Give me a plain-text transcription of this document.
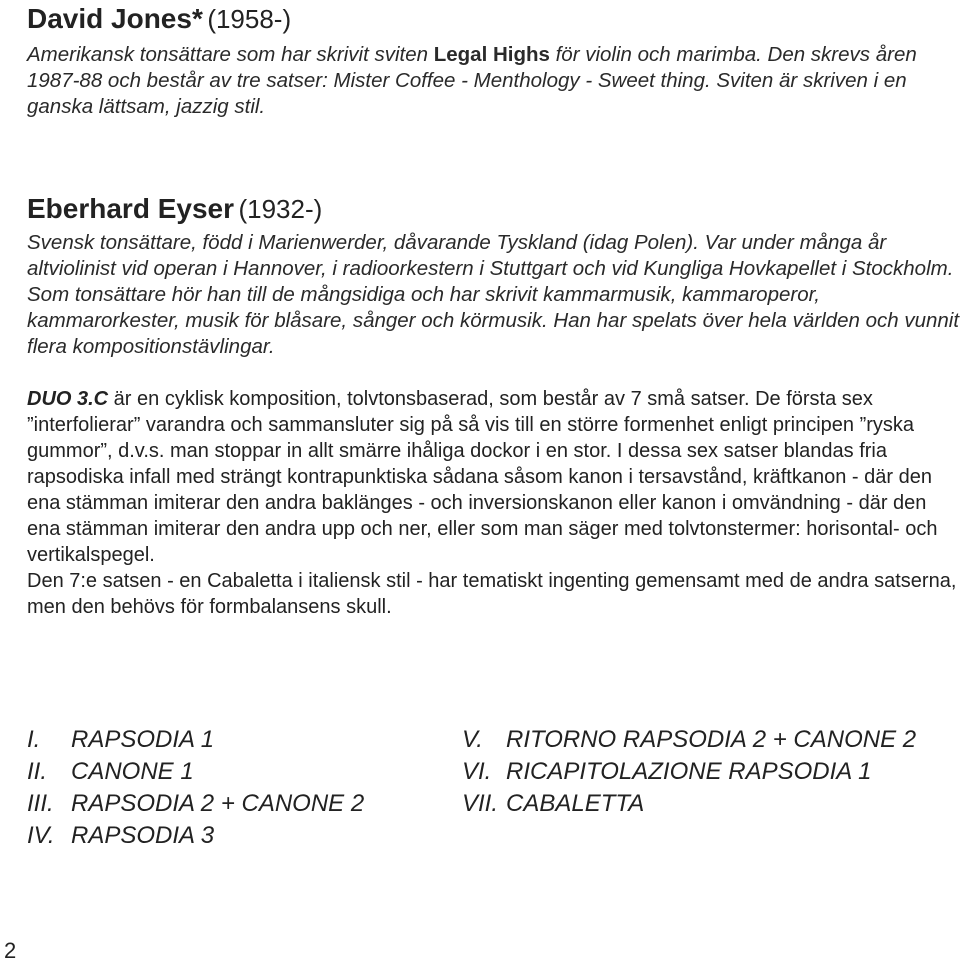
David Jones* (1958-)
Amerikansk tonsättare som har skrivit sviten Legal Highs för violin och marimba. Den skrevs åren 1987-88 och består av tre satser: Mister Coffee - Menthology - Sweet thing. Sviten är skriven i en ganska lättsam, jazzig stil.
Eberhard Eyser (1932-)
Svensk tonsättare, född i Marienwerder, dåvarande Tyskland (idag Polen). Var under många år altviolinist vid operan i Hannover, i radioorkestern i Stuttgart och vid Kungliga Hovkapellet i Stockholm. Som tonsättare hör han till de mångsidiga och har skrivit kammarmusik, kammaroperor, kammarorkester, musik för blåsare, sånger och körmusik. Han har spelats över hela världen och vunnit flera kompositionstävlingar.
DUO 3.C är en cyklisk komposition, tolvtonsbaserad, som består av 7 små satser. De första sex ”interfolierar” varandra och sammansluter sig på så vis till en större formenhet enligt principen ”ryska gummor”, d.v.s. man stoppar in allt smärre ihåliga dockor i en stor. I dessa sex satser blandas fria rapsodiska infall med strängt kontrapunktiska sådana såsom kanon i tersavstånd, kräftkanon - där den ena stämman imiterar den andra baklänges - och inversionskanon eller kanon i omvändning - där den ena stämman imiterar den andra upp och ner, eller som man säger med tolvtonstermer: horisontal- och vertikalspegel.
Den 7:e satsen - en Cabaletta i italiensk stil - har tematiskt ingenting gemensamt med de andra satserna, men den behövs för formbalansens skull.
I. RAPSODIA 1
II. CANONE 1
III. RAPSODIA 2 + CANONE 2
IV. RAPSODIA 3
V. RITORNO RAPSODIA 2 + CANONE 2
VI. RICAPITOLAZIONE RAPSODIA 1
VII. CABALETTA
2
